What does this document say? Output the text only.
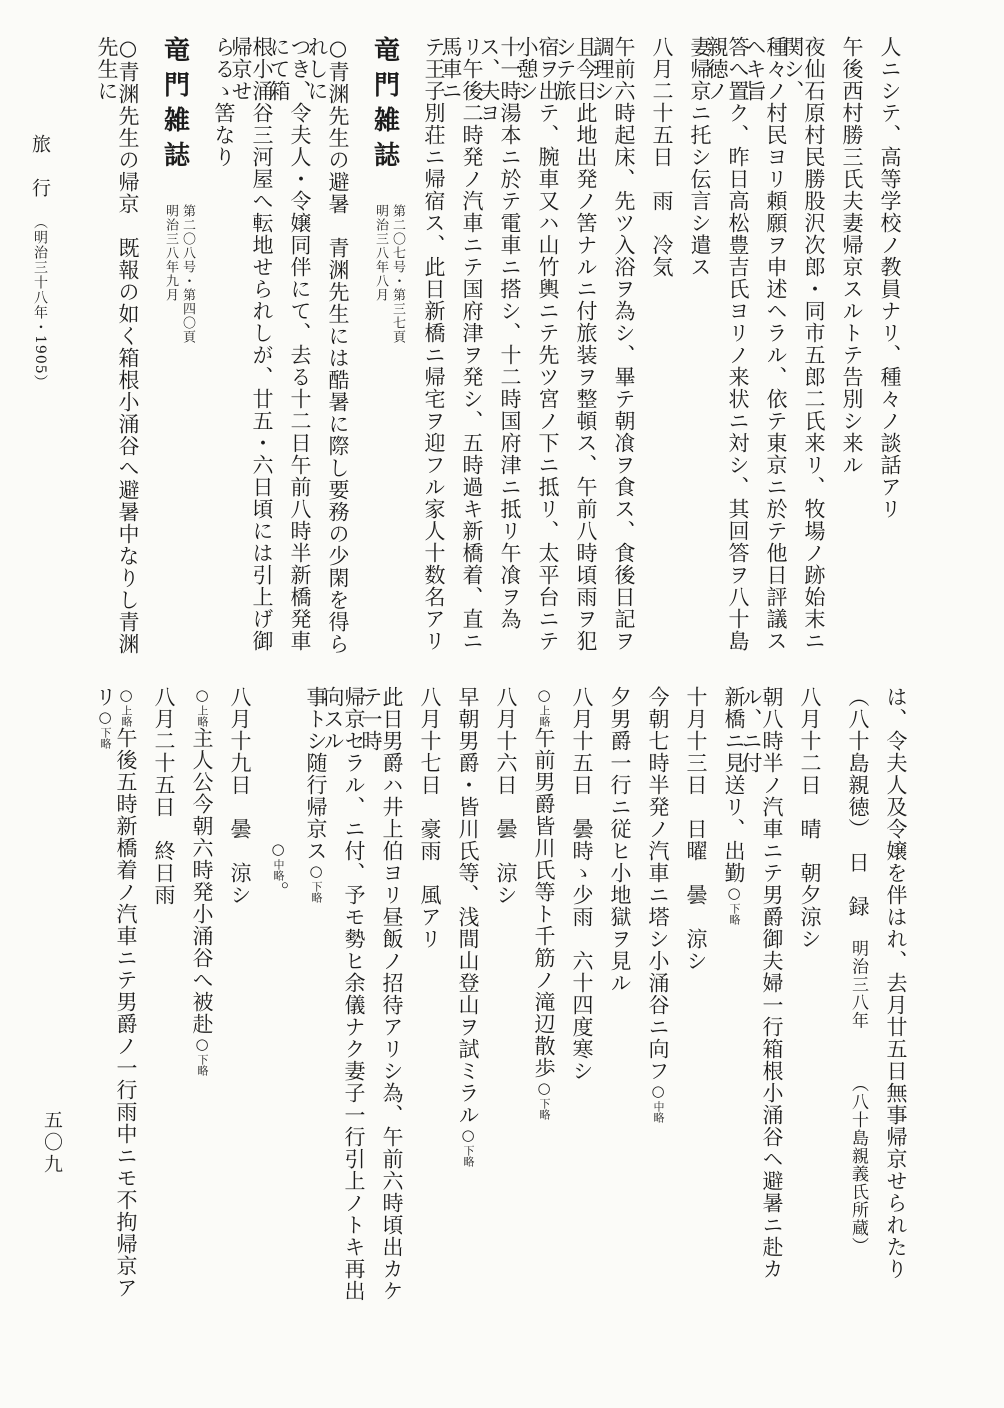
人ニシテ、高等学校ノ教員ナリ、種々ノ談話アリ
午後西村勝三氏夫妻帰京スルトテ告別シ来ル
夜仙石原村民勝股沢次郎・同市五郎二氏来リ、牧場ノ跡始末ニ関シ、
種々ノ村民ヨリ頼願ヲ申述ヘラル、依テ東京ニ於テ他日評議スヘキ旨
答へ置ク、昨日高松豊吉氏ヨリノ来状ニ対シ、其回答ヲ八十島親徳ノ
妻帰京ニ托シ伝言シ遣ス
八月二十五日　雨　冷気
午前六時起床、先ツ入浴ヲ為シ、畢テ朝飡ヲ食ス、食後日記ヲ調理シ
且今日此地出発ノ筈ナルニ付旅装ヲ整頓ス、午前八時頃雨ヲ犯シテ旅
宿ヲ出テ、腕車又ハ山竹輿ニテ先ツ宮ノ下ニ抵リ、太平台ニテ小憩シ
十一時湯本ニ於テ電車ニ搭シ、十二時国府津ニ抵リ午飡ヲ為ス、夫ヨ
リ午後二時発ノ汽車ニテ国府津ヲ発シ、五時過キ新橋着、直ニ馬車ニ
テ王子別荘ニ帰宿ス、此日新橋ニ帰宅ヲ迎フル家人十数名アリ
竜門雑誌
第二〇七号・第三七頁
明治三八年八月
○青渊先生の避暑　青渊先生には酷暑に際し要務の少閑を得られしに
つき、令夫人・令嬢同伴にて、去る十二日午前八時半新橋発車にて箱
根小涌谷三河屋へ転地せられしが、廿五・六日頃には引上げ御帰京せ
らるゝ筈なり
竜門雑誌
第二〇八号・第四〇頁
明治三八年九月
○青渊先生の帰京　既報の如く箱根小涌谷へ避暑中なりし青渊先生に
は、令夫人及令嬢を伴はれ、去月廿五日無事帰京せられたり
（八十島親徳）　日　録　明治三八年　　　（八十島親義氏所蔵）
八月十二日　晴　朝夕涼シ
朝八時半ノ汽車ニテ男爵御夫婦一行箱根小涌谷ヘ避暑ニ赴カル、ニ付
新橋ニ見送リ、出勤○下略
十月十三日　日曜　曇　涼シ
今朝七時半発ノ汽車ニ塔シ小涌谷ニ向フ○中略
夕男爵一行ニ従ヒ小地獄ヲ見ル
八月十五日　曇時ゝ少雨　六十四度寒シ
○上略午前男爵皆川氏等ト千筋ノ滝辺散歩○下略
八月十六日　曇　涼シ
早朝男爵・皆川氏等、浅間山登山ヲ試ミラル○下略
八月十七日　豪雨　風アリ
此日男爵ハ井上伯ヨリ昼飯ノ招待アリシ為、午前六時頃出カケテ一時
帰京セラル、ニ付、予モ勢ヒ余儀ナク妻子一行引上ノトキ再出向スル
事トシ随行帰京ス○下略
　　　　　　　○中略。
八月十九日　曇　涼シ
○上略主人公今朝六時発小涌谷へ被赴○下略
八月二十五日　終日雨
○上略午後五時新橋着ノ汽車ニテ男爵ノ一行雨中ニモ不拘帰京アリ○下略
旅　行 （明治三十八年・1905）
五〇九
